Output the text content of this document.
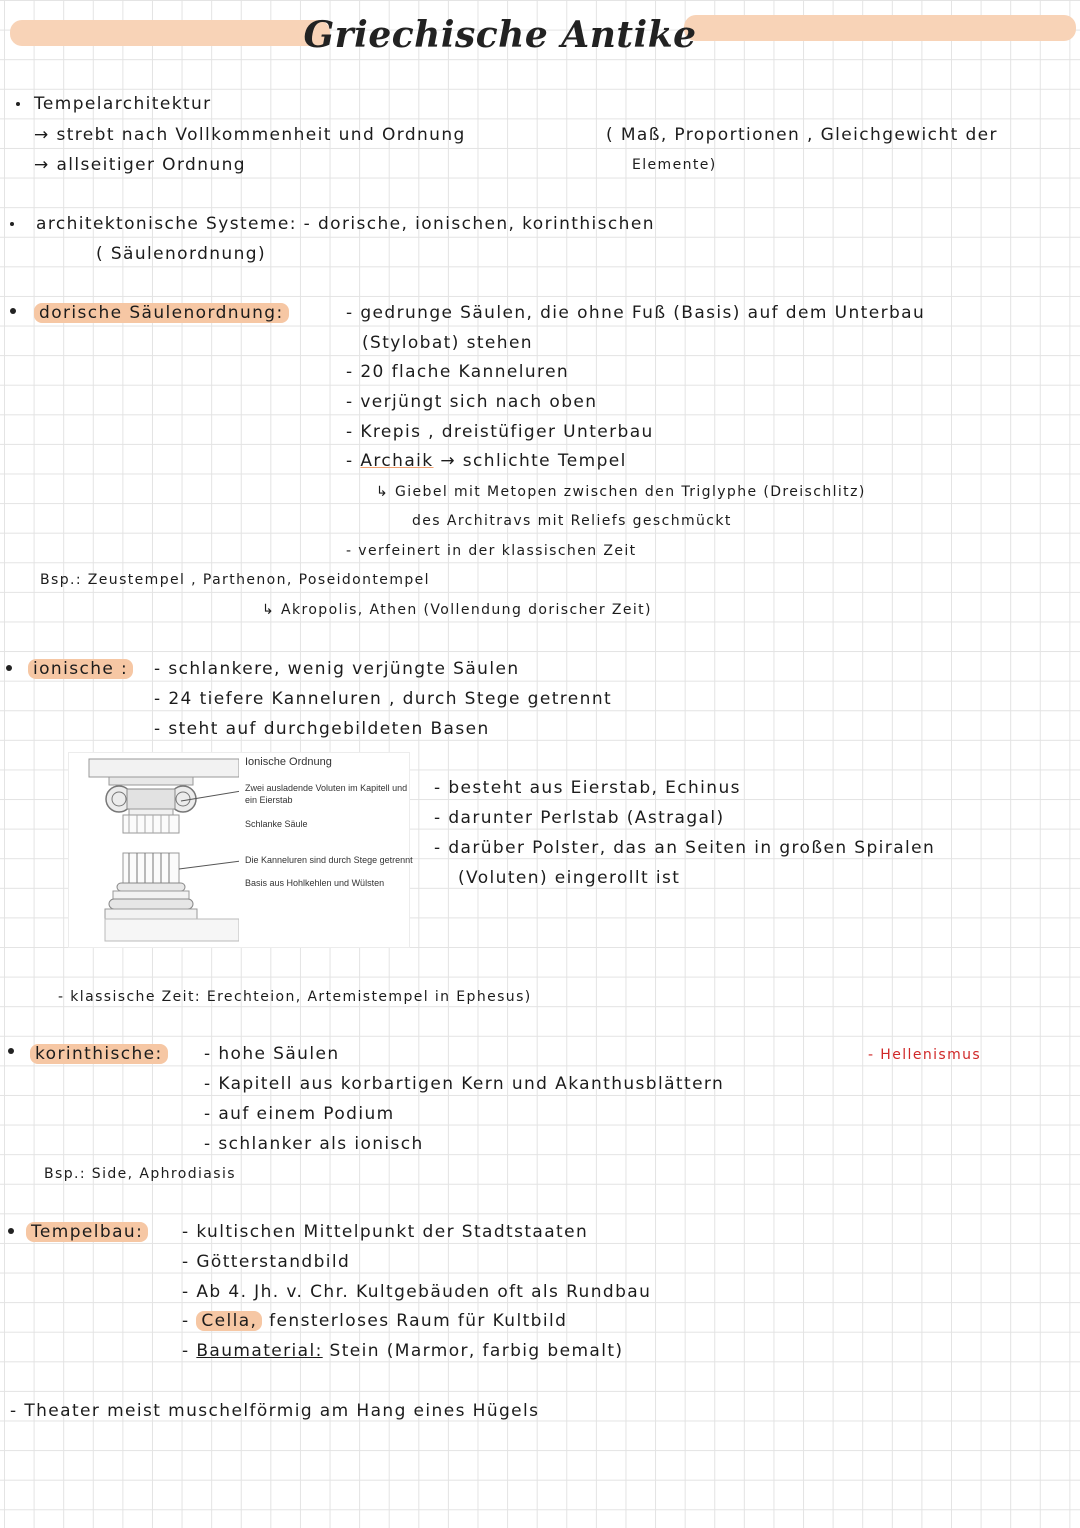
Griechische Antike
Tempelarchitektur
→ strebt nach Vollkommenheit und Ordnung	( Maß, Proportionen , Gleichgewicht der
Elemente)
→ allseitiger Ordnung
architektonische Systeme: - dorische, ionischen, korinthischen
( Säulenordnung)
dorische Säulenordnung:	- gedrunge Säulen, die ohne Fuß (Basis) auf dem Unterbau
(Stylobat) stehen
- 20 flache Kanneluren
- verjüngt sich nach oben
- Krepis , dreistüfiger Unterbau
- Archaik → schlichte Tempel
↳ Giebel mit Metopen zwischen den Triglyphe (Dreischlitz)
des Architravs mit Reliefs geschmückt
- verfeinert in der klassischen Zeit
Bsp.: Zeustempel , Parthenon, Poseidontempel
↳ Akropolis, Athen (Vollendung dorischer Zeit)
ionische : - schlankere, wenig verjüngte Säulen
- 24 tiefere Kanneluren , durch Stege getrennt
- steht auf durchgebildeten Basen
Ionische Ordnung
Zwei ausladende Voluten im Kapitell und
ein Eierstab
Schlanke Säule
Die Kanneluren sind durch Stege getrennt
Basis aus Hohlkehlen und Wülsten
- besteht aus Eierstab, Echinus
- darunter Perlstab (Astragal)
- darüber Polster, das an Seiten in großen Spiralen
(Voluten) eingerollt ist
- klassische Zeit: Erechteion, Artemistempel in Ephesus)
korinthische: - hohe Säulen
- Kapitell aus korbartigen Kern und Akanthusblättern
- auf einem Podium
- schlanker als ionisch
- Hellenismus
Bsp.: Side, Aphrodiasis
Tempelbau: - kultischen Mittelpunkt der Stadtstaaten
- Götterstandbild
- Ab 4. Jh. v. Chr. Kultgebäuden oft als Rundbau
- Cella, fensterloses Raum für Kultbild
- Baumaterial: Stein (Marmor, farbig bemalt)
- Theater meist muschelförmig am Hang eines Hügels
